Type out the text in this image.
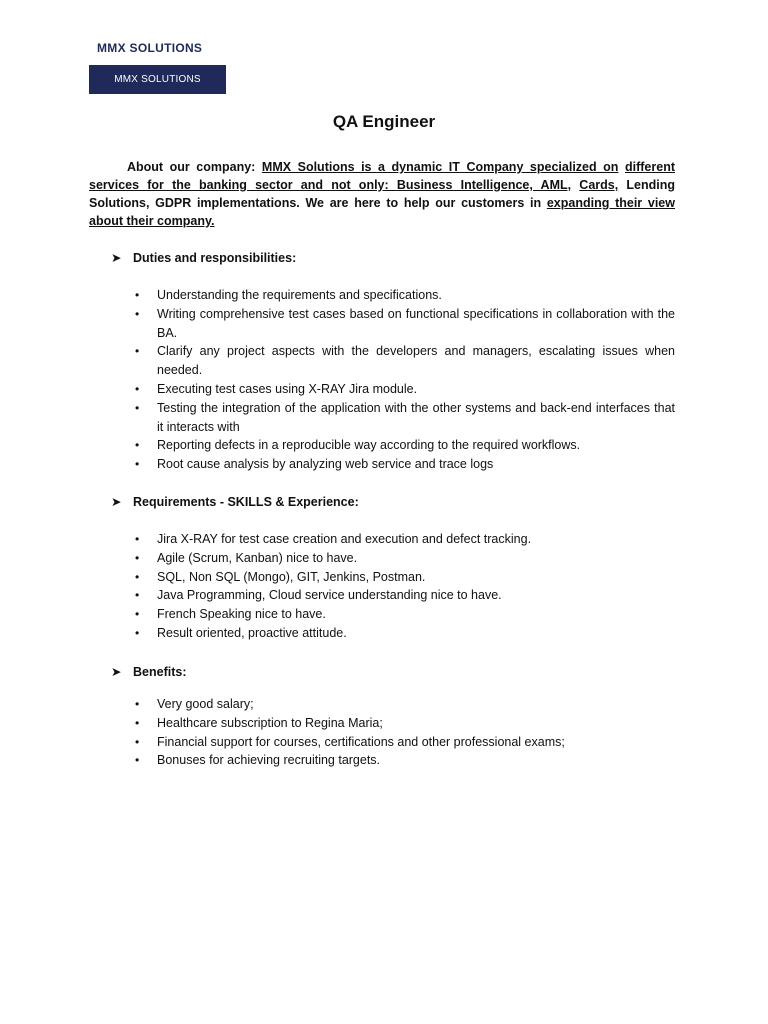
MMX SOLUTIONS
MMX SOLUTIONS
QA Engineer
About our company: MMX Solutions is a dynamic IT Company specialized on different services for the banking sector and not only: Business Intelligence, AML, Cards, Lending Solutions, GDPR implementations. We are here to help our customers in expanding their view about their company.
➤ Duties and responsibilities:
• Understanding the requirements and specifications.
• Writing comprehensive test cases based on functional specifications in collaboration with the BA.
• Clarify any project aspects with the developers and managers, escalating issues when needed.
• Executing test cases using X-RAY Jira module.
• Testing the integration of the application with the other systems and back-end interfaces that it interacts with
• Reporting defects in a reproducible way according to the required workflows.
• Root cause analysis by analyzing web service and trace logs
➤ Requirements - SKILLS & Experience:
• Jira X-RAY for test case creation and execution and defect tracking.
• Agile (Scrum, Kanban) nice to have.
• SQL, Non SQL (Mongo), GIT, Jenkins, Postman.
• Java Programming, Cloud service understanding nice to have.
• French Speaking nice to have.
• Result oriented, proactive attitude.
➤ Benefits:
• Very good salary;
• Healthcare subscription to Regina Maria;
• Financial support for courses, certifications and other professional exams;
• Bonuses for achieving recruiting targets.
